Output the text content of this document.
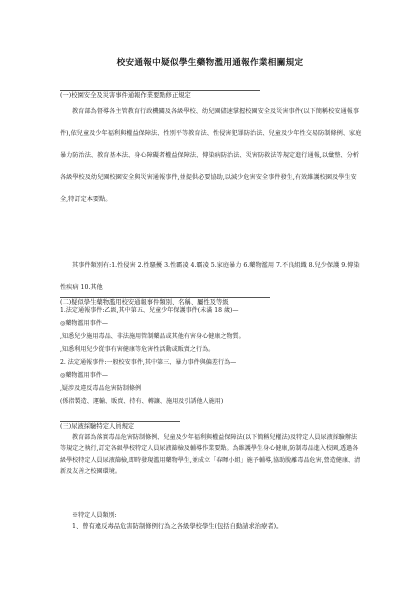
校安通報中疑似學生藥物濫用通報作業相關規定
(一)校園安全及災害事件通報作業要點修正規定
教育部為督導各主管教育行政機關及各級學校、幼兒園儘速掌握校園安全及災害事件(以下簡稱校安通報事件),依兒童及少年福利與權益保障法、性別平等教育法、性侵害犯罪防治法、兒童及少年性交易防制條例、家庭暴力防治法、教育基本法、身心障礙者權益保障法、傳染病防治法、災害防救法等規定進行通報,以彙整、分析各級學校及幼兒園校園安全與災害通報事件,並提供必要協助,以減少危害安全事件發生,有效維護校園及學生安全,特訂定本要點。
其事件類別有:1.性侵害 2.性騷擾 3.性霸凌 4.霸凌 5.家庭暴力 6.藥物濫用 7.不良組織 8.兒少保護 9.傳染性疾病 10.其他
(二)疑似學生藥物濫用校安通報事件類別、名稱、屬性及等級
1.法定通報事件:乙級,其中第五、兒童少年保護事件(未滿 18 歲)—
◎藥物濫用事件—
,知悉兒少施用毒品、非法施用管制藥品或其他有害身心健康之物質。
,知悉利用兒少從事有害健康等危害性活動或販賣之行為。
2. 法定通報事件:一般校安事件,其中第三、暴力事件與偏差行為—
◎藥物濫用事件—
,疑涉及違反毒品危害防制條例
(係指製造、運輸、販賣、持有、轉讓、施用及引誘他人施用)
(三)尿液採驗特定人員規定
教育部為落實毒品危害防制條例、兒童及少年福利與權益保障法(以下簡稱兒權法)及特定人員尿液採驗辦法等規定之執行,訂定各級學校特定人員尿液篩檢及輔導作業要點。為維護學生身心健康,防制毒品進入校園,透過各級學校特定人員尿液篩檢,即時發現濫用藥物學生,並成立「春暉小組」施予輔導,協助脫離毒品危害,營造健康、清新及友善之校園環境。
※特定人員類別:
1、曾有違反毒品危害防制條例行為之各級學校學生(包括自動請求治療者)。
